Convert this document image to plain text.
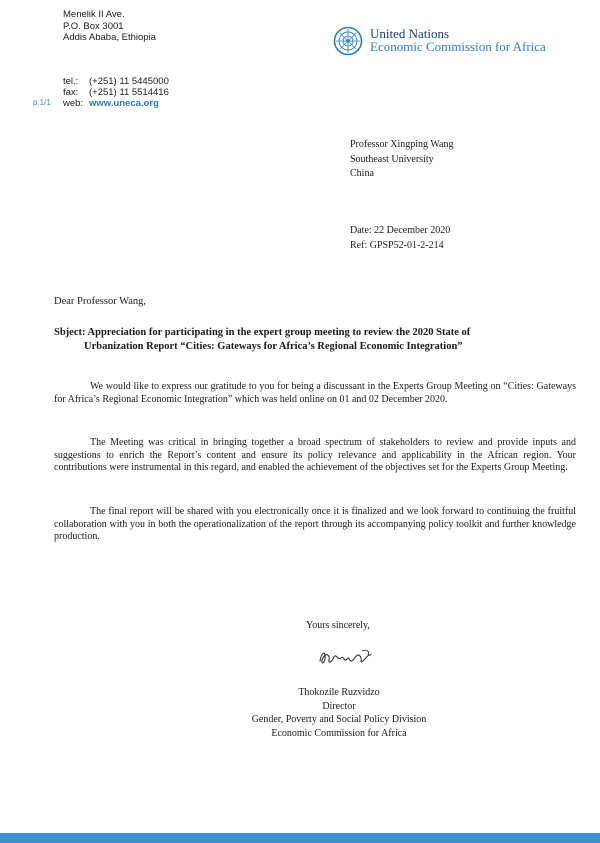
Menelik II Ave.
P.O. Box 3001
Addis Ababa, Ethiopia
tel.:	(+251) 11 5445000
fax:	(+251) 11 5514416
web: www.uneca.org
p.1/1
United Nations
Economic Commission for Africa
Professor Xingping Wang
Southeast University
China
Date: 22 December 2020
Ref: GPSP52-01-2-214
Dear Professor Wang,
Sbject: Appreciation for participating in the expert group meeting to review the 2020 State of
Urbanization Report “Cities: Gateways for Africa’s Regional Economic Integration”

We would like to express our gratitude to you for being a discussant in the Experts Group Meeting on “Cities: Gateways for Africa’s Regional Economic Integration” which was held online on 01 and 02 December 2020.

The Meeting was critical in bringing together a broad spectrum of stakeholders to review and provide inputs and suggestions to enrich the Report’s content and ensure its policy relevance and applicability in the African region. Your contributions were instrumental in this regard, and enabled the achievement of the objectives set for the Experts Group Meeting.

The final report will be shared with you electronically once it is finalized and we look forward to continuing the fruitful collaboration with you in both the operationalization of the report through its accompanying policy toolkit and further knowledge production.

Yours sincerely,
Thokozile Ruzvidzo
Director
Gender, Poverty and Social Policy Division
Economic Commission for Africa
